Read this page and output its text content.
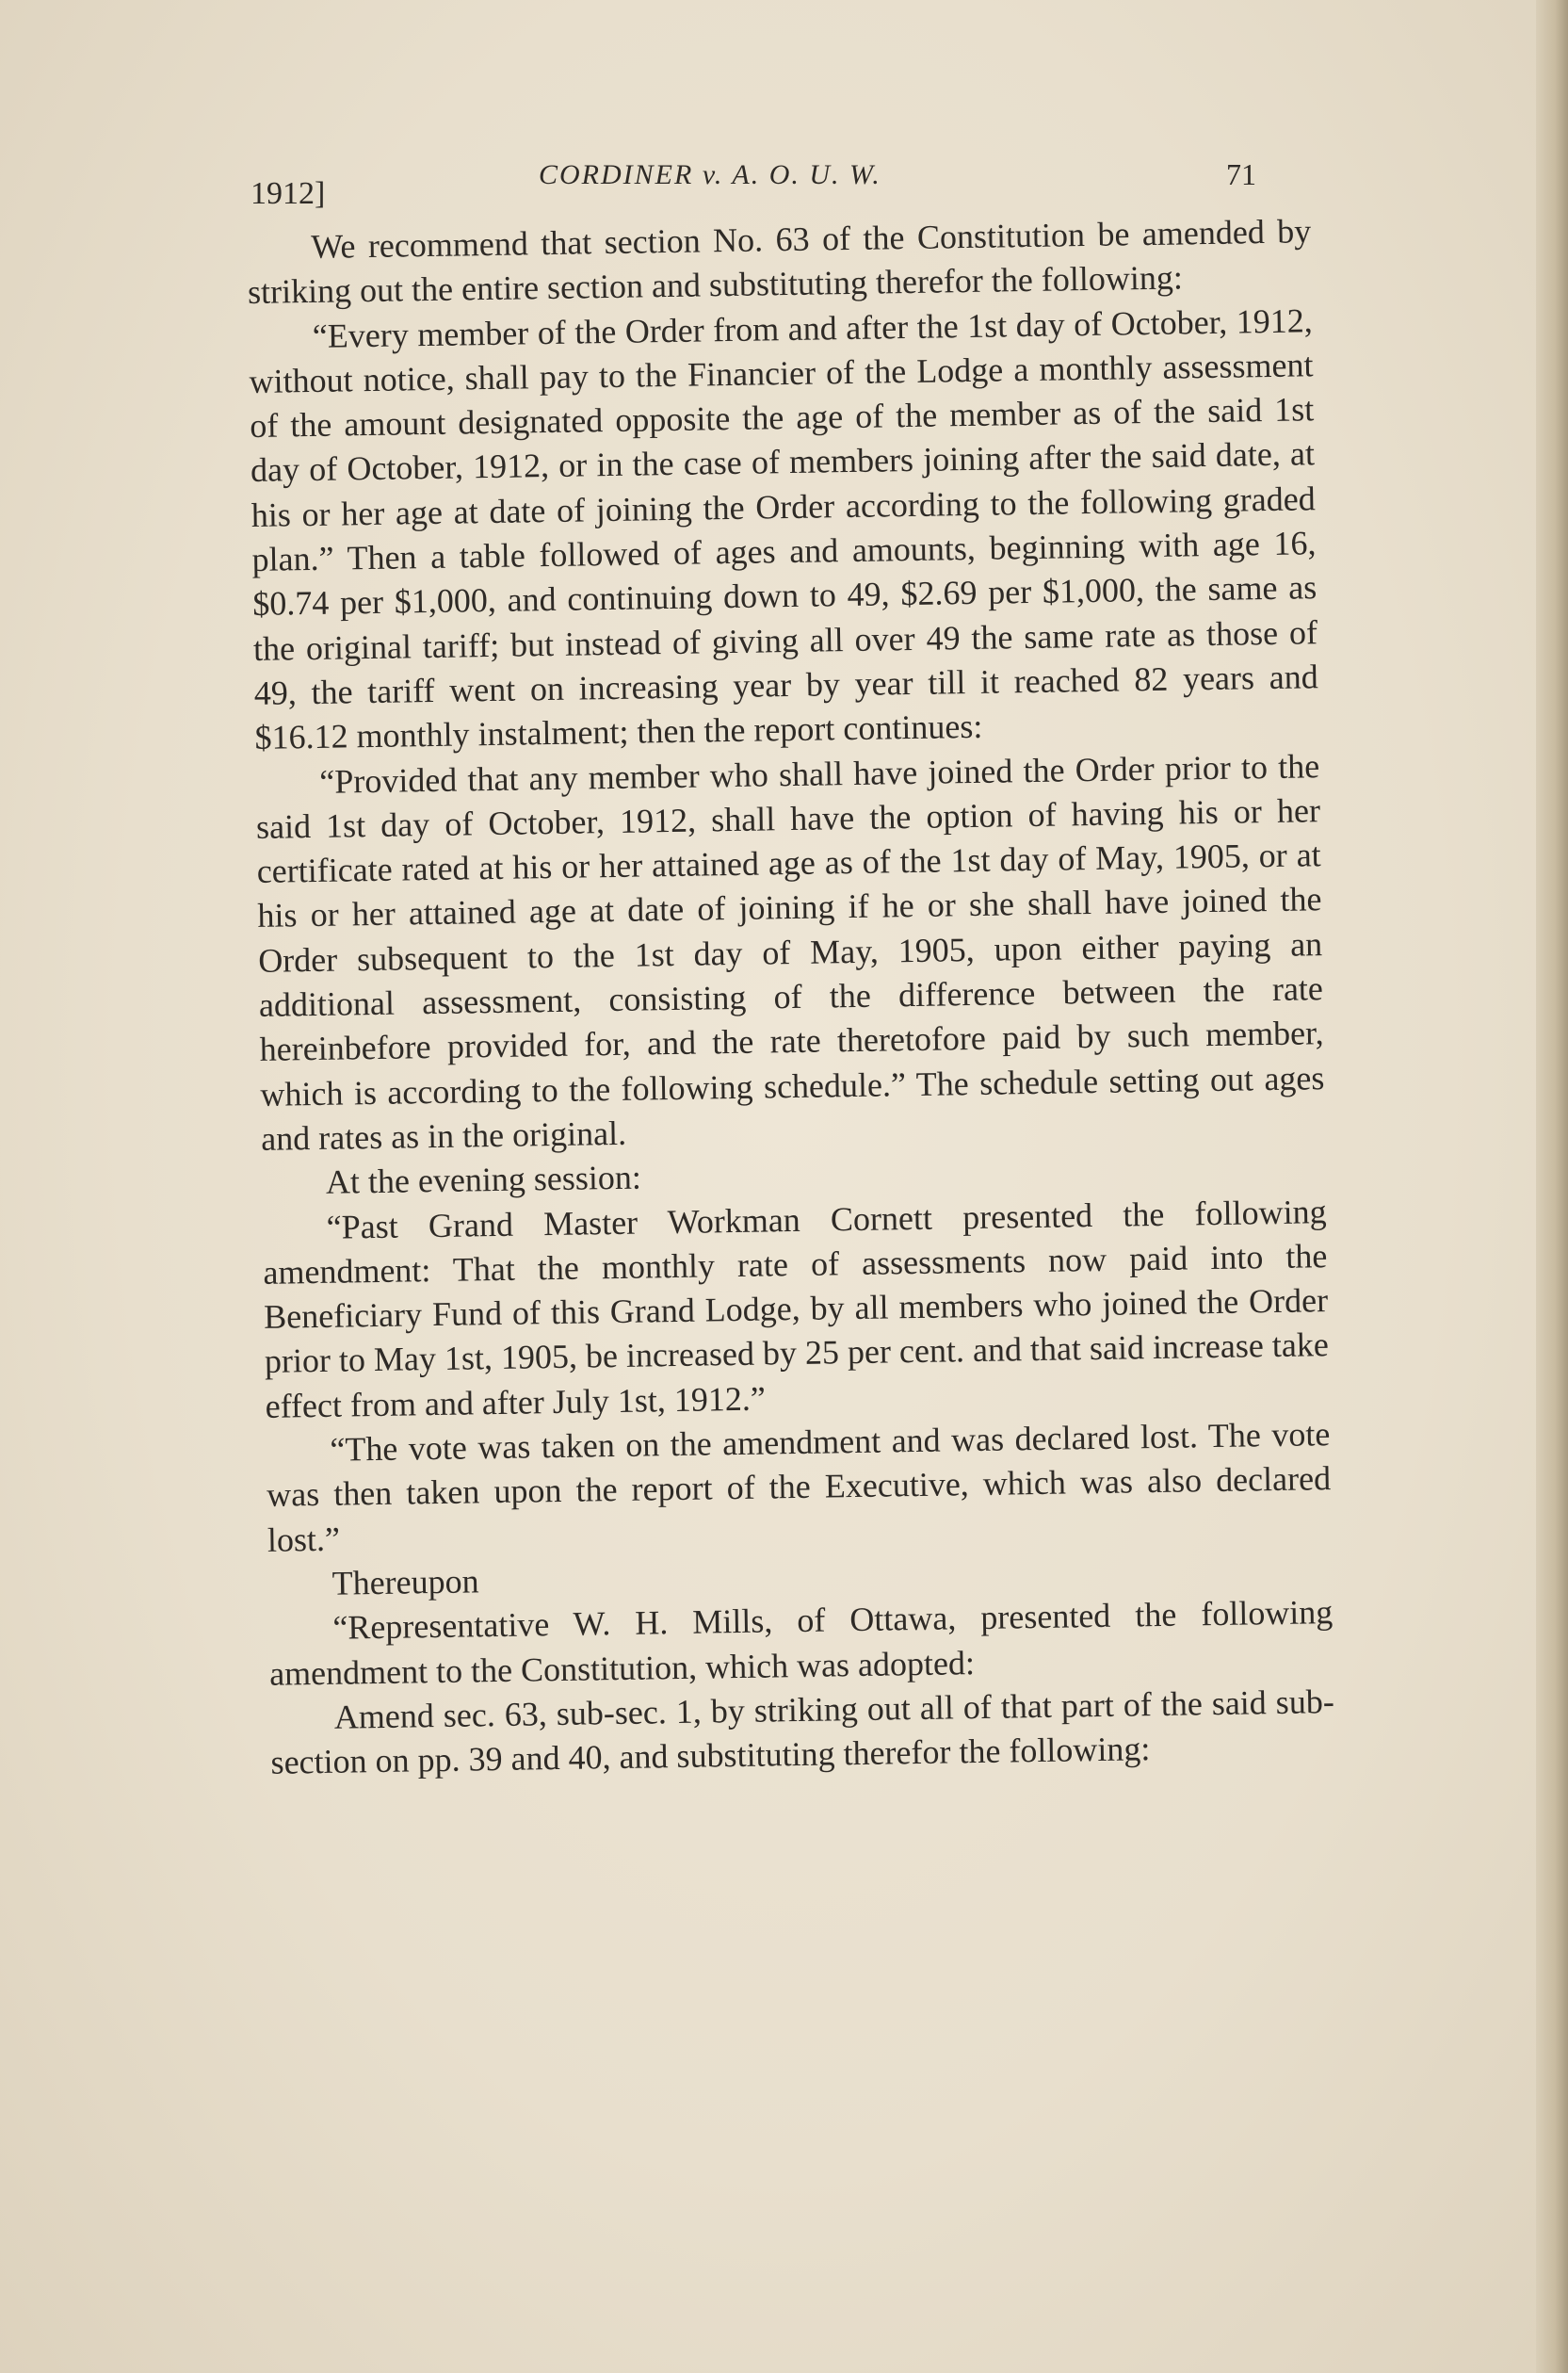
1912]
CORDINER v. A. O. U. W.	71

We recommend that section No. 63 of the Constitution be amended by striking out the entire section and substituting therefor the following:

“Every member of the Order from and after the 1st day of October, 1912, without notice, shall pay to the Financier of the Lodge a monthly assessment of the amount designated opposite the age of the member as of the said 1st day of October, 1912, or in the case of members joining after the said date, at his or her age at date of joining the Order according to the following graded plan.” Then a table followed of ages and amounts, beginning with age 16, $0.74 per $1,000, and continuing down to 49, $2.69 per $1,000, the same as the original tariff; but instead of giving all over 49 the same rate as those of 49, the tariff went on increasing year by year till it reached 82 years and $16.12 monthly instalment; then the report continues:

“Provided that any member who shall have joined the Order prior to the said 1st day of October, 1912, shall have the option of having his or her certificate rated at his or her attained age as of the 1st day of May, 1905, or at his or her attained age at date of joining if he or she shall have joined the Order subsequent to the 1st day of May, 1905, upon either paying an additional assessment, consisting of the difference between the rate hereinbefore provided for, and the rate theretofore paid by such member, which is according to the following schedule.” The schedule setting out ages and rates as in the original.

At the evening session:

“Past Grand Master Workman Cornett presented the following amendment: That the monthly rate of assessments now paid into the Beneficiary Fund of this Grand Lodge, by all members who joined the Order prior to May 1st, 1905, be increased by 25 per cent. and that said increase take effect from and after July 1st, 1912.”

“The vote was taken on the amendment and was declared lost. The vote was then taken upon the report of the Executive, which was also declared lost.”

Thereupon

“Representative W. H. Mills, of Ottawa, presented the following amendment to the Constitution, which was adopted:

Amend sec. 63, sub-sec. 1, by striking out all of that part of the said sub-section on pp. 39 and 40, and substituting therefor the following:
